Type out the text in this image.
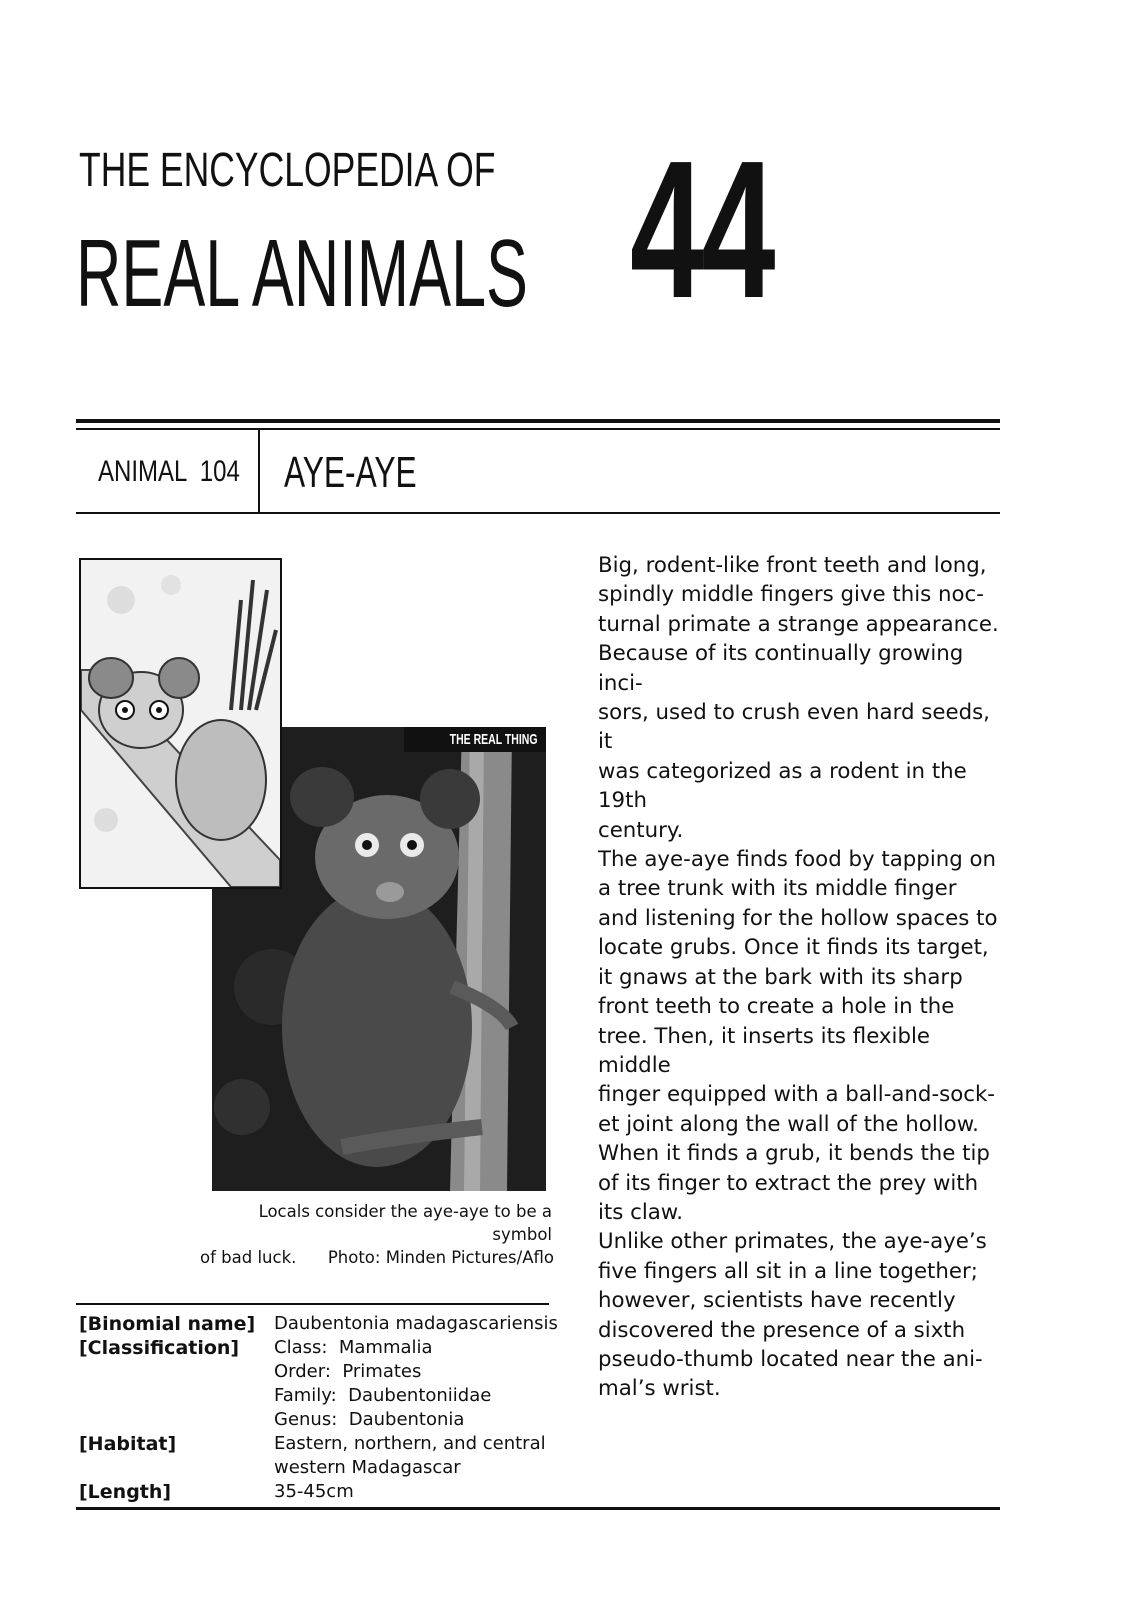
THE ENCYCLOPEDIA OF
REAL ANIMALS 44
ANIMAL  104 AYE-AYE
THE REAL THING
Locals consider the aye-aye to be a symbol
of bad luck.      Photo: Minden Pictures/Aflo

Big, rodent-like front teeth and long,

spindly middle fingers give this noc-

turnal primate a strange appearance.

Because of its continually growing inci-

sors, used to crush even hard seeds, it

was categorized as a rodent in the 19th

century.

The aye-aye finds food by tapping on

a tree trunk with its middle finger

and listening for the hollow spaces to

locate grubs. Once it finds its target,

it gnaws at the bark with its sharp

front teeth to create a hole in the

tree. Then, it inserts its flexible middle

finger equipped with a ball-and-sock-

et joint along the wall of the hollow.

When it finds a grub, it bends the tip

of its finger to extract the prey with

its claw.

Unlike other primates, the aye-aye’s

five fingers all sit in a line together;

however, scientists have recently

discovered the presence of a sixth

pseudo-thumb located near the ani-

mal’s wrist.

[Binomial name] Daubentonia madagascariensis
[Classification] Class:  Mammalia
Order:  Primates
Family:  Daubentoniidae
Genus:  Daubentonia
[Habitat]	Eastern, northern, and central
western Madagascar
[Length]	35-45cm
